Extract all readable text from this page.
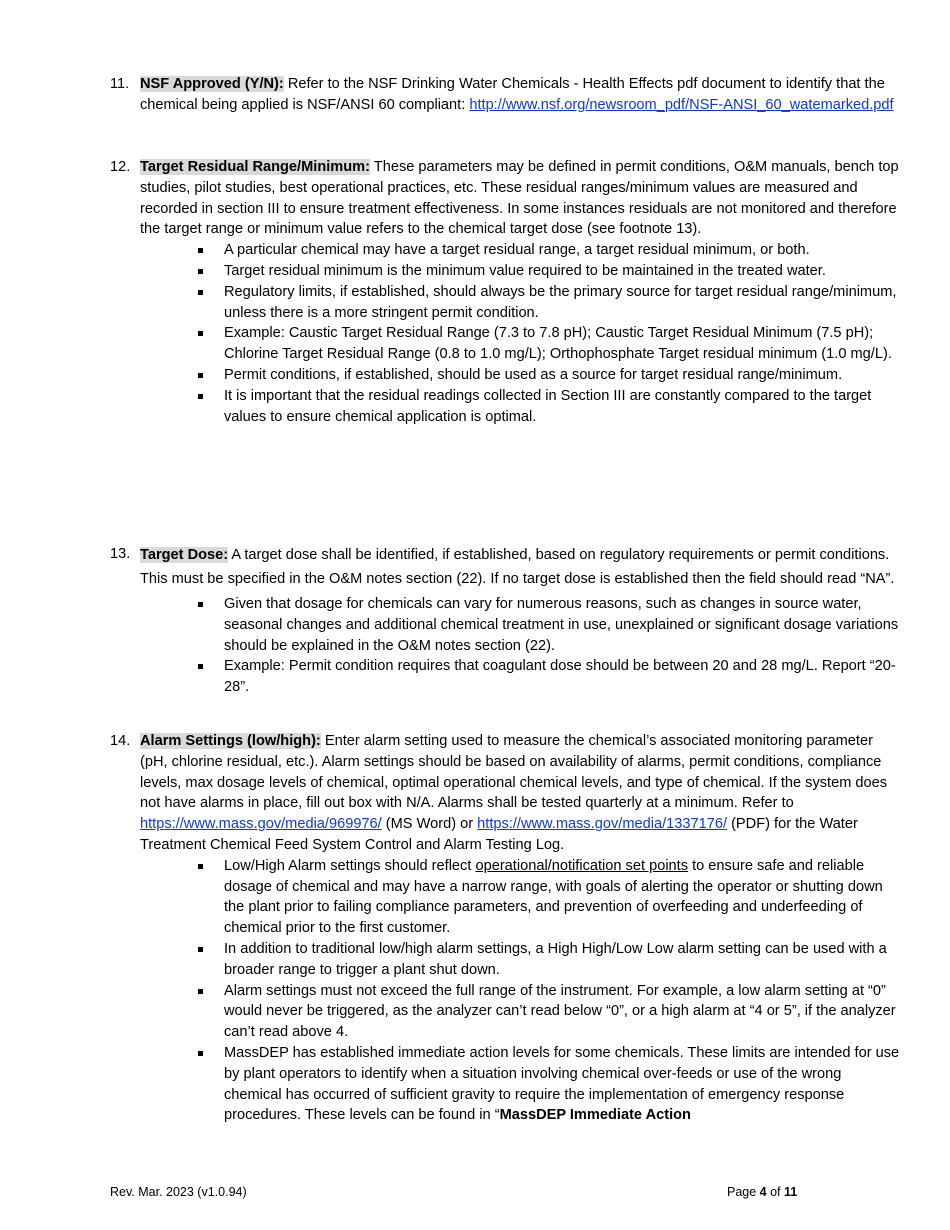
11. NSF Approved (Y/N): Refer to the NSF Drinking Water Chemicals - Health Effects pdf document to identify that the chemical being applied is NSF/ANSI 60 compliant: http://www.nsf.org/newsroom_pdf/NSF-ANSI_60_watemarked.pdf
12. Target Residual Range/Minimum: These parameters may be defined in permit conditions, O&M manuals, bench top studies, pilot studies, best operational practices, etc. These residual ranges/minimum values are measured and recorded in section III to ensure treatment effectiveness. In some instances residuals are not monitored and therefore the target range or minimum value refers to the chemical target dose (see footnote 13).
A particular chemical may have a target residual range, a target residual minimum, or both.
Target residual minimum is the minimum value required to be maintained in the treated water.
Regulatory limits, if established, should always be the primary source for target residual range/minimum, unless there is a more stringent permit condition.
Example: Caustic Target Residual Range (7.3 to 7.8 pH); Caustic Target Residual Minimum (7.5 pH); Chlorine Target Residual Range (0.8 to 1.0 mg/L); Orthophosphate Target residual minimum (1.0 mg/L).
Permit conditions, if established, should be used as a source for target residual range/minimum.
It is important that the residual readings collected in Section III are constantly compared to the target values to ensure chemical application is optimal.
13. Target Dose: A target dose shall be identified, if established, based on regulatory requirements or permit conditions. This must be specified in the O&M notes section (22). If no target dose is established then the field should read “NA”.
Given that dosage for chemicals can vary for numerous reasons, such as changes in source water, seasonal changes and additional chemical treatment in use, unexplained or significant dosage variations should be explained in the O&M notes section (22).
Example: Permit condition requires that coagulant dose should be between 20 and 28 mg/L. Report “20-28”.
14. Alarm Settings (low/high): Enter alarm setting used to measure the chemical’s associated monitoring parameter (pH, chlorine residual, etc.). Alarm settings should be based on availability of alarms, permit conditions, compliance levels, max dosage levels of chemical, optimal operational chemical levels, and type of chemical. If the system does not have alarms in place, fill out box with N/A. Alarms shall be tested quarterly at a minimum. Refer to https://www.mass.gov/media/969976/ (MS Word) or https://www.mass.gov/media/1337176/ (PDF) for the Water Treatment Chemical Feed System Control and Alarm Testing Log.
Low/High Alarm settings should reflect operational/notification set points to ensure safe and reliable dosage of chemical and may have a narrow range, with goals of alerting the operator or shutting down the plant prior to failing compliance parameters, and prevention of overfeeding and underfeeding of chemical prior to the first customer.
In addition to traditional low/high alarm settings, a High High/Low Low alarm setting can be used with a broader range to trigger a plant shut down.
Alarm settings must not exceed the full range of the instrument. For example, a low alarm setting at “0” would never be triggered, as the analyzer can’t read below “0”, or a high alarm at “4 or 5”, if the analyzer can’t read above 4.
MassDEP has established immediate action levels for some chemicals. These limits are intended for use by plant operators to identify when a situation involving chemical over-feeds or use of the wrong chemical has occurred of sufficient gravity to require the implementation of emergency response procedures. These levels can be found in “MassDEP Immediate Action
Rev. Mar. 2023 (v1.0.94)	Page 4 of 11
